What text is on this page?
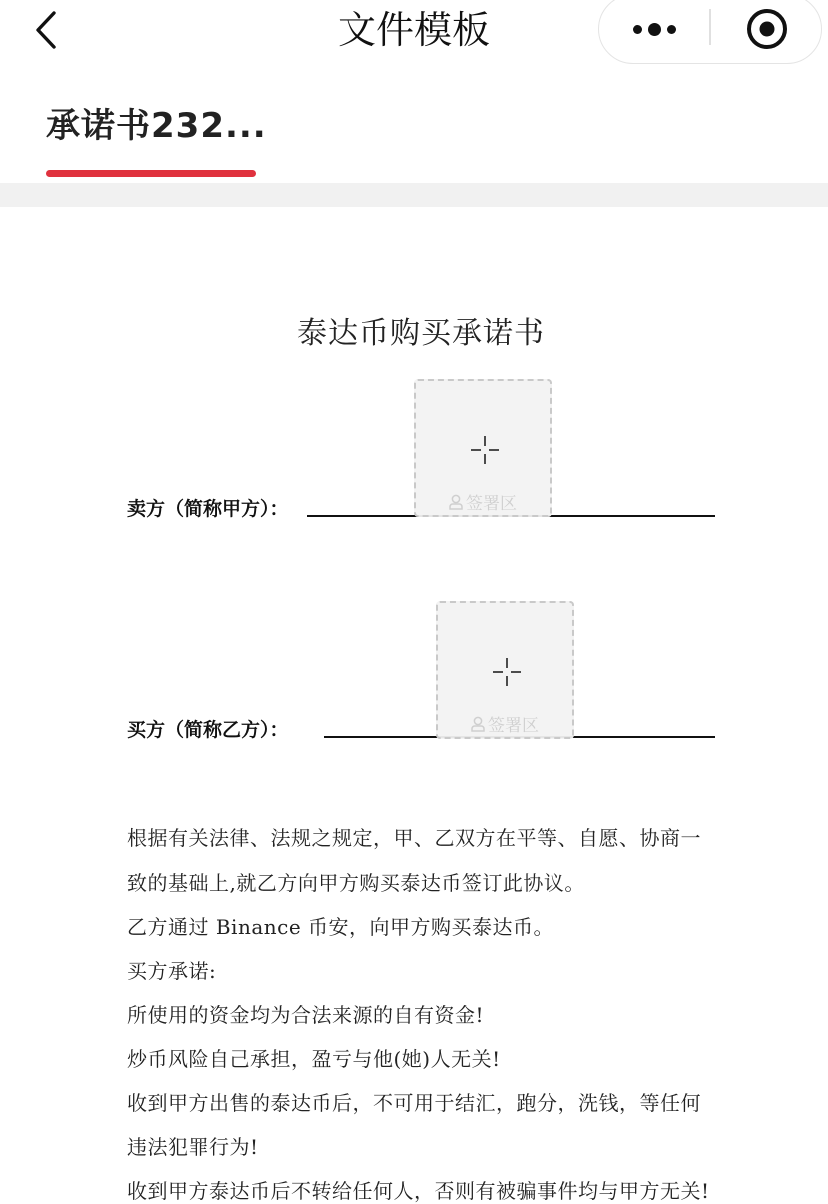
文件模板
承诺书232...
泰达币购买承诺书
卖方（简称甲方）：	签署区
买方（简称乙方）：	签署区
根据有关法律、法规之规定，甲、乙双方在平等、自愿、协商一
致的基础上,就乙方向甲方购买泰达币签订此协议。
乙方通过 Binance 币安，向甲方购买泰达币。
买方承诺:
所使用的资金均为合法来源的自有资金!
炒币风险自己承担，盈亏与他(她)人无关!
收到甲方出售的泰达币后，不可用于结汇，跑分，洗钱，等任何
违法犯罪行为!
收到甲方泰达币后不转给任何人，否则有被骗事件均与甲方无关!
